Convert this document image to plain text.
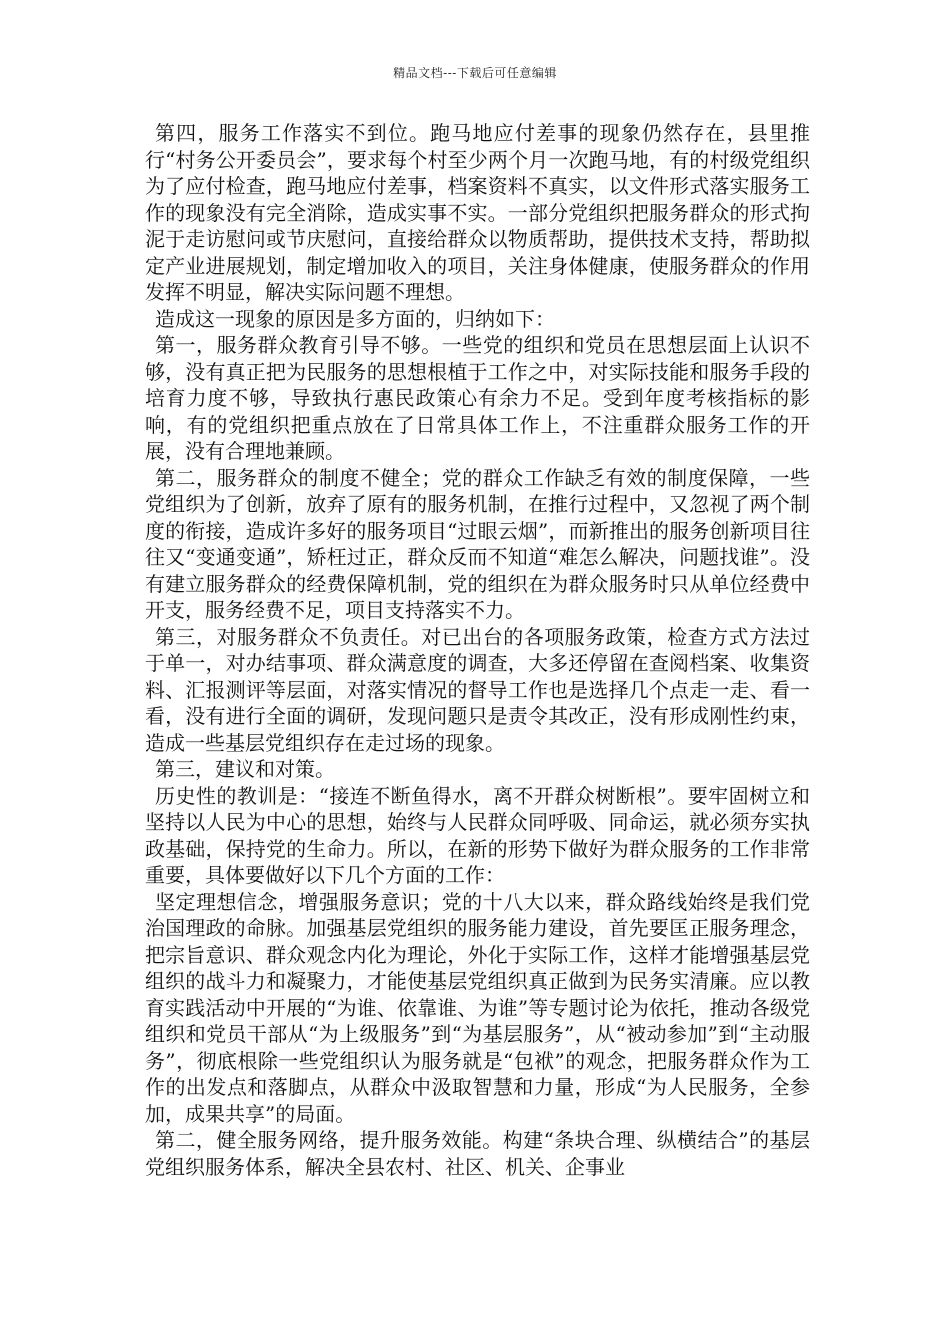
精品文档---下载后可任意编辑

第四，服务工作落实不到位。跑马地应付差事的现象仍然存在，县里推行“村务公开委员会”，要求每个村至少两个月一次跑马地，有的村级党组织为了应付检查，跑马地应付差事，档案资料不真实，以文件形式落实服务工作的现象没有完全消除，造成实事不实。一部分党组织把服务群众的形式拘泥于走访慰问或节庆慰问，直接给群众以物质帮助，提供技术支持，帮助拟定产业进展规划，制定增加收入的项目，关注身体健康，使服务群众的作用发挥不明显，解决实际问题不理想。

造成这一现象的原因是多方面的，归纳如下：

第一，服务群众教育引导不够。一些党的组织和党员在思想层面上认识不够，没有真正把为民服务的思想根植于工作之中，对实际技能和服务手段的培育力度不够，导致执行惠民政策心有余力不足。受到年度考核指标的影响，有的党组织把重点放在了日常具体工作上，不注重群众服务工作的开展，没有合理地兼顾。

第二，服务群众的制度不健全；党的群众工作缺乏有效的制度保障，一些党组织为了创新，放弃了原有的服务机制，在推行过程中，又忽视了两个制度的衔接，造成许多好的服务项目“过眼云烟”，而新推出的服务创新项目往往又“变通变通”，矫枉过正，群众反而不知道“难怎么解决，问题找谁”。没有建立服务群众的经费保障机制，党的组织在为群众服务时只从单位经费中开支，服务经费不足，项目支持落实不力。

第三，对服务群众不负责任。对已出台的各项服务政策，检查方式方法过于单一，对办结事项、群众满意度的调查，大多还停留在查阅档案、收集资料、汇报测评等层面，对落实情况的督导工作也是选择几个点走一走、看一看，没有进行全面的调研，发现问题只是责令其改正，没有形成刚性约束，造成一些基层党组织存在走过场的现象。

第三，建议和对策。

历史性的教训是：“接连不断鱼得水，离不开群众树断根”。要牢固树立和坚持以人民为中心的思想，始终与人民群众同呼吸、同命运，就必须夯实执政基础，保持党的生命力。所以，在新的形势下做好为群众服务的工作非常重要，具体要做好以下几个方面的工作：

坚定理想信念，增强服务意识；党的十八大以来，群众路线始终是我们党治国理政的命脉。加强基层党组织的服务能力建设，首先要匡正服务理念，把宗旨意识、群众观念内化为理论，外化于实际工作，这样才能增强基层党组织的战斗力和凝聚力，才能使基层党组织真正做到为民务实清廉。应以教育实践活动中开展的“为谁、依靠谁、为谁”等专题讨论为依托，推动各级党组织和党员干部从“为上级服务”到“为基层服务”，从“被动参加”到“主动服务”，彻底根除一些党组织认为服务就是“包袱”的观念，把服务群众作为工作的出发点和落脚点，从群众中汲取智慧和力量，形成“为人民服务，全参加，成果共享”的局面。

第二，健全服务网络，提升服务效能。构建“条块合理、纵横结合”的基层党组织服务体系，解决全县农村、社区、机关、企事业
